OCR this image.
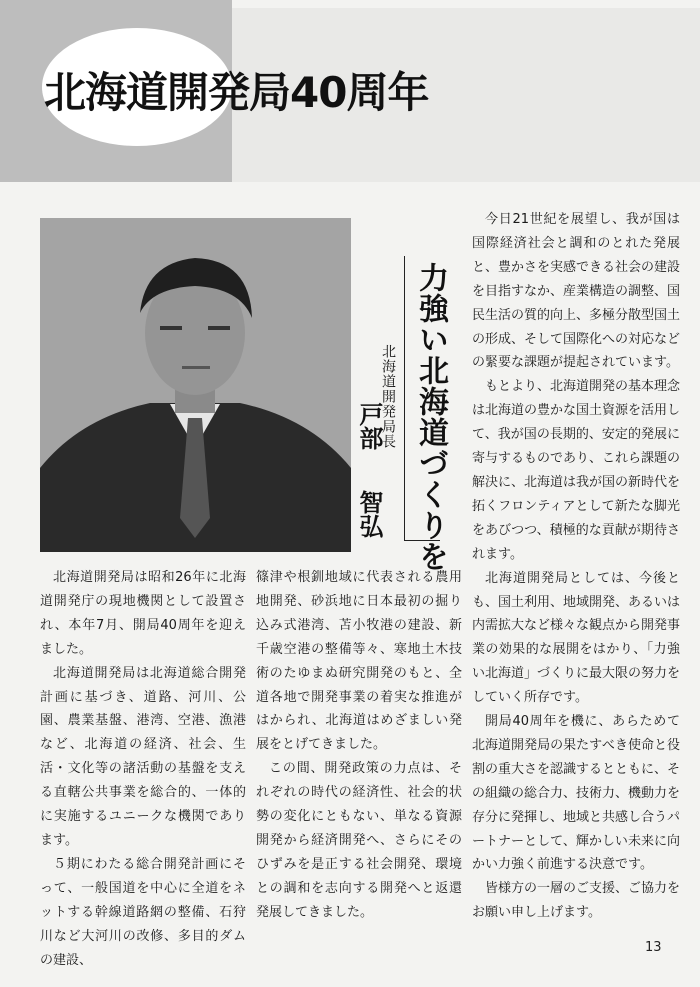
北海道開発局40周年
力強い北海道づくりを
北海道開発局長
戸部智弘

北海道開発局は昭和26年に北海道開発庁の現地機関として設置され、本年7月、開局40周年を迎えました。

北海道開発局は北海道総合開発計画に基づき、道路、河川、公園、農業基盤、港湾、空港、漁港など、北海道の経済、社会、生活・文化等の諸活動の基盤を支える直轄公共事業を総合的、一体的に実施するユニークな機関であります。

５期にわたる総合開発計画にそって、一般国道を中心に全道をネットする幹線道路網の整備、石狩川など大河川の改修、多目的ダムの建設、

篠津や根釧地域に代表される農用地開発、砂浜地に日本最初の掘り込み式港湾、苫小牧港の建設、新千歳空港の整備等々、寒地土木技術のたゆまぬ研究開発のもと、全道各地で開発事業の着実な推進がはかられ、北海道はめざましい発展をとげてきました。

この間、開発政策の力点は、それぞれの時代の経済性、社会的状勢の変化にともない、単なる資源開発から経済開発へ、さらにそのひずみを是正する社会開発、環境との調和を志向する開発へと返還発展してきました。

今日21世紀を展望し、我が国は国際経済社会と調和のとれた発展と、豊かさを実感できる社会の建設を目指すなか、産業構造の調整、国民生活の質的向上、多極分散型国土の形成、そして国際化への対応などの緊要な課題が提起されています。

もとより、北海道開発の基本理念は北海道の豊かな国土資源を活用して、我が国の長期的、安定的発展に寄与するものであり、これら課題の解決に、北海道は我が国の新時代を拓くフロンティアとして新たな脚光をあびつつ、積極的な貢献が期待されます。

北海道開発局としては、今後とも、国土利用、地域開発、あるいは内需拡大など様々な観点から開発事業の効果的な展開をはかり、「力強い北海道」づくりに最大限の努力をしていく所存です。

開局40周年を機に、あらためて北海道開発局の果たすべき使命と役割の重大さを認識するとともに、その組織の総合力、技術力、機動力を存分に発揮し、地域と共感し合うパートナーとして、輝かしい未来に向かい力強く前進する決意です。

皆様方の一層のご支援、ご協力をお願い申し上げます。

13
